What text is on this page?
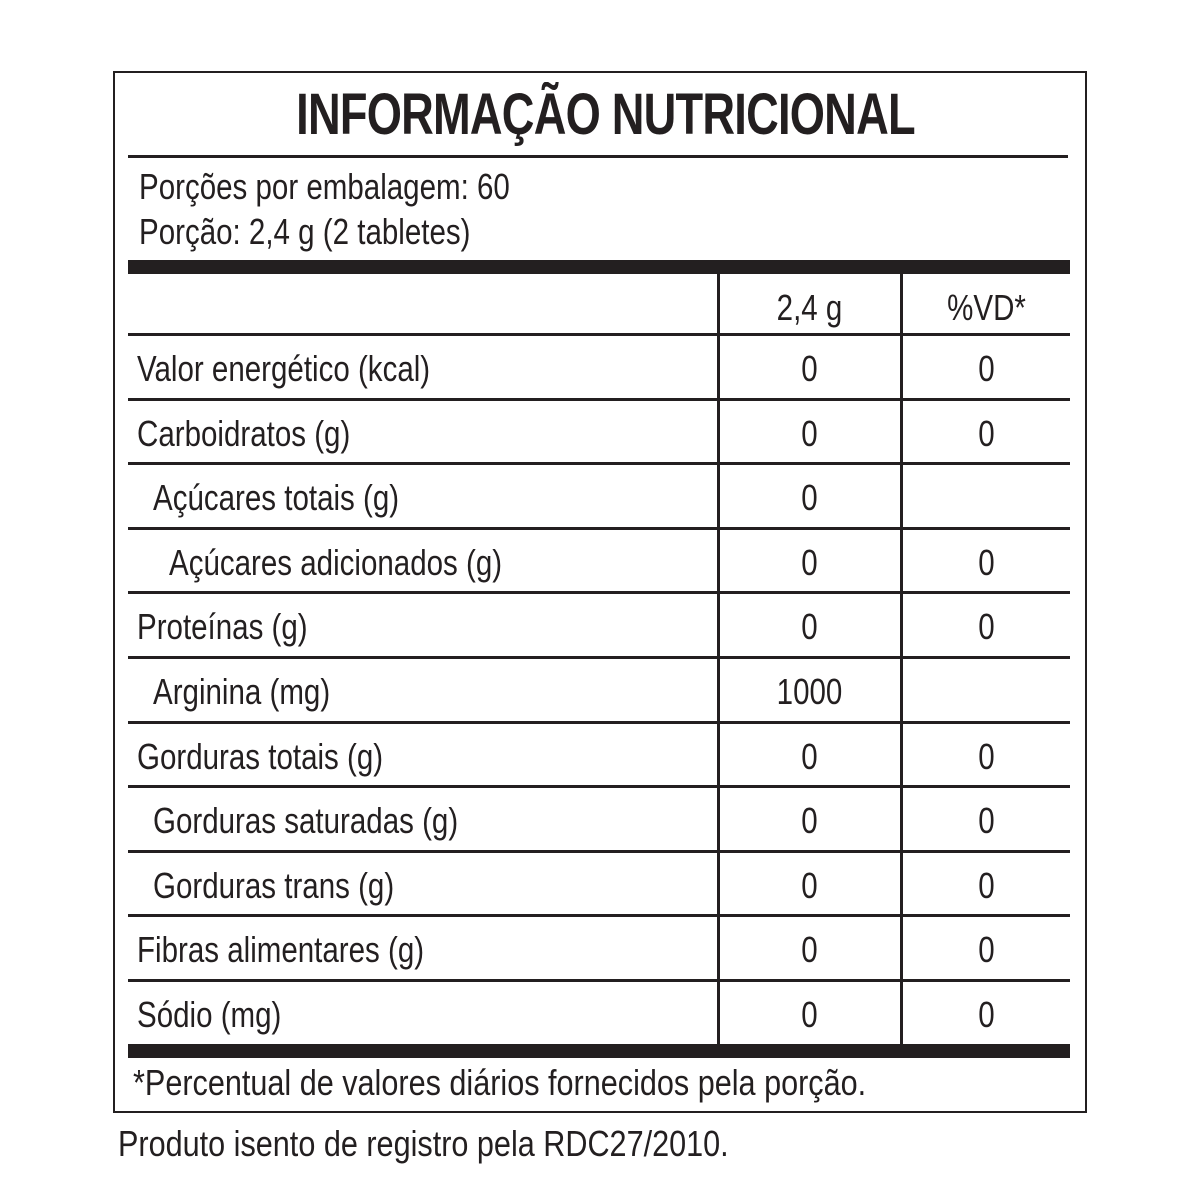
INFORMAÇÃO NUTRICIONAL
Porções por embalagem: 60
Porção: 2,4 g (2 tabletes)
2,4 g	%VD*
Valor energético (kcal)	0	0
Carboidratos (g)	0	0
Açúcares totais (g)	0
Açúcares adicionados (g)	0	0
Proteínas (g)	0	0
Arginina (mg)	1000
Gorduras totais (g)	0	0
Gorduras saturadas (g)	0	0
Gorduras trans (g)	0	0
Fibras alimentares (g)	0	0
Sódio (mg)	0	0
*Percentual de valores diários fornecidos pela porção.
Produto isento de registro pela RDC27/2010.
